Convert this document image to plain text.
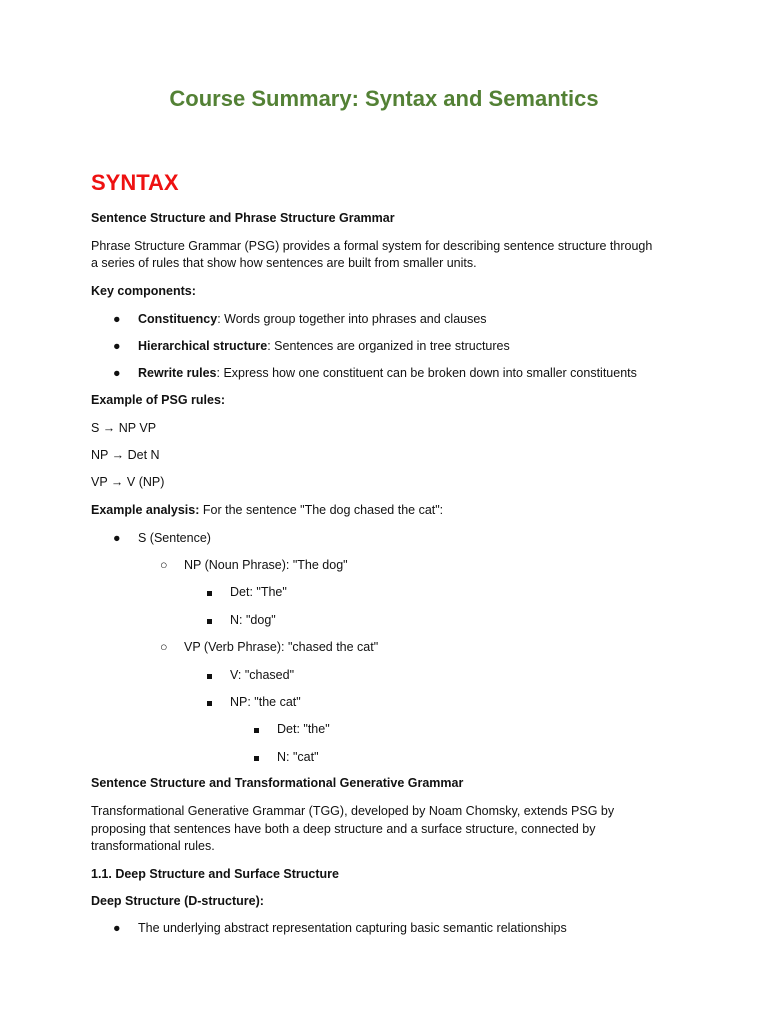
Course Summary: Syntax and Semantics
SYNTAX

Sentence Structure and Phrase Structure Grammar

Phrase Structure Grammar (PSG) provides a formal system for describing sentence structure through

a series of rules that show how sentences are built from smaller units.

Key components:

● Constituency: Words group together into phrases and clauses

● Hierarchical structure: Sentences are organized in tree structures

● Rewrite rules: Express how one constituent can be broken down into smaller constituents

Example of PSG rules:

S → NP VP

NP → Det N

VP → V (NP)

Example analysis: For the sentence "The dog chased the cat":

● S (Sentence)

○ NP (Noun Phrase): "The dog"

Det: "The"

N: "dog"

○ VP (Verb Phrase): "chased the cat"

V: "chased"

NP: "the cat"

Det: "the"

N: "cat"

Sentence Structure and Transformational Generative Grammar

Transformational Generative Grammar (TGG), developed by Noam Chomsky, extends PSG by

proposing that sentences have both a deep structure and a surface structure, connected by

transformational rules.

1.1. Deep Structure and Surface Structure

Deep Structure (D-structure):

● The underlying abstract representation capturing basic semantic relationships
